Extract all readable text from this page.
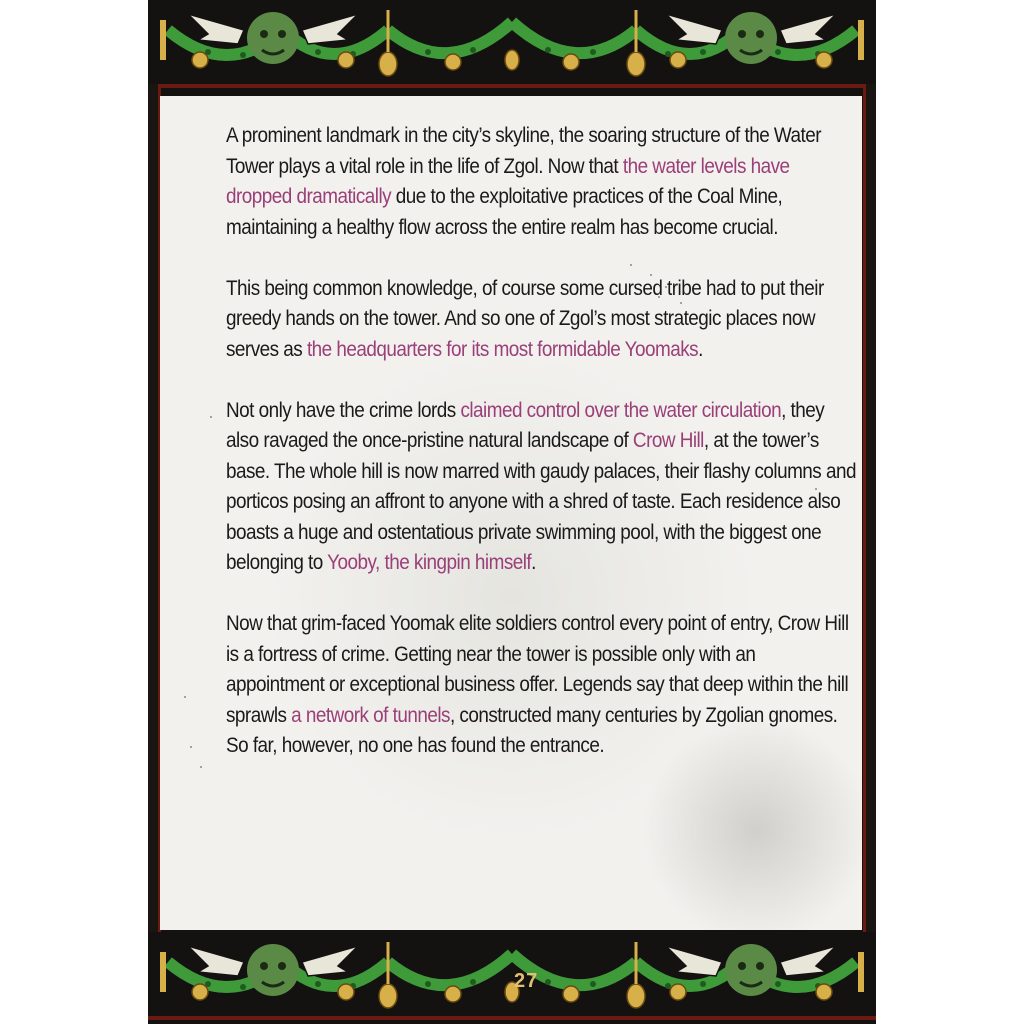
A prominent landmark in the city’s skyline, the soaring structure of the Water Tower plays a vital role in the life of Zgol. Now that the water levels have dropped dramatically due to the exploitative practices of the Coal Mine, maintaining a healthy flow across the entire realm has become crucial.

This being common knowledge, of course some cursed tribe had to put their greedy hands on the tower. And so one of Zgol’s most strategic places now serves as the headquarters for its most formidable Yoomaks.

Not only have the crime lords claimed control over the water circulation, they also ravaged the once-pristine natural landscape of Crow Hill, at the tower’s base. The whole hill is now marred with gaudy palaces, their flashy columns and porticos posing an affront to anyone with a shred of taste. Each residence also boasts a huge and ostentatious private swimming pool, with the biggest one belonging to Yooby, the kingpin himself.

Now that grim-faced Yoomak elite soldiers control every point of entry, Crow Hill is a fortress of crime. Getting near the tower is possible only with an appointment or exceptional business offer. Legends say that deep within the hill sprawls a network of tunnels, constructed many centuries by Zgolian gnomes. So far, however, no one has found the entrance.

27
